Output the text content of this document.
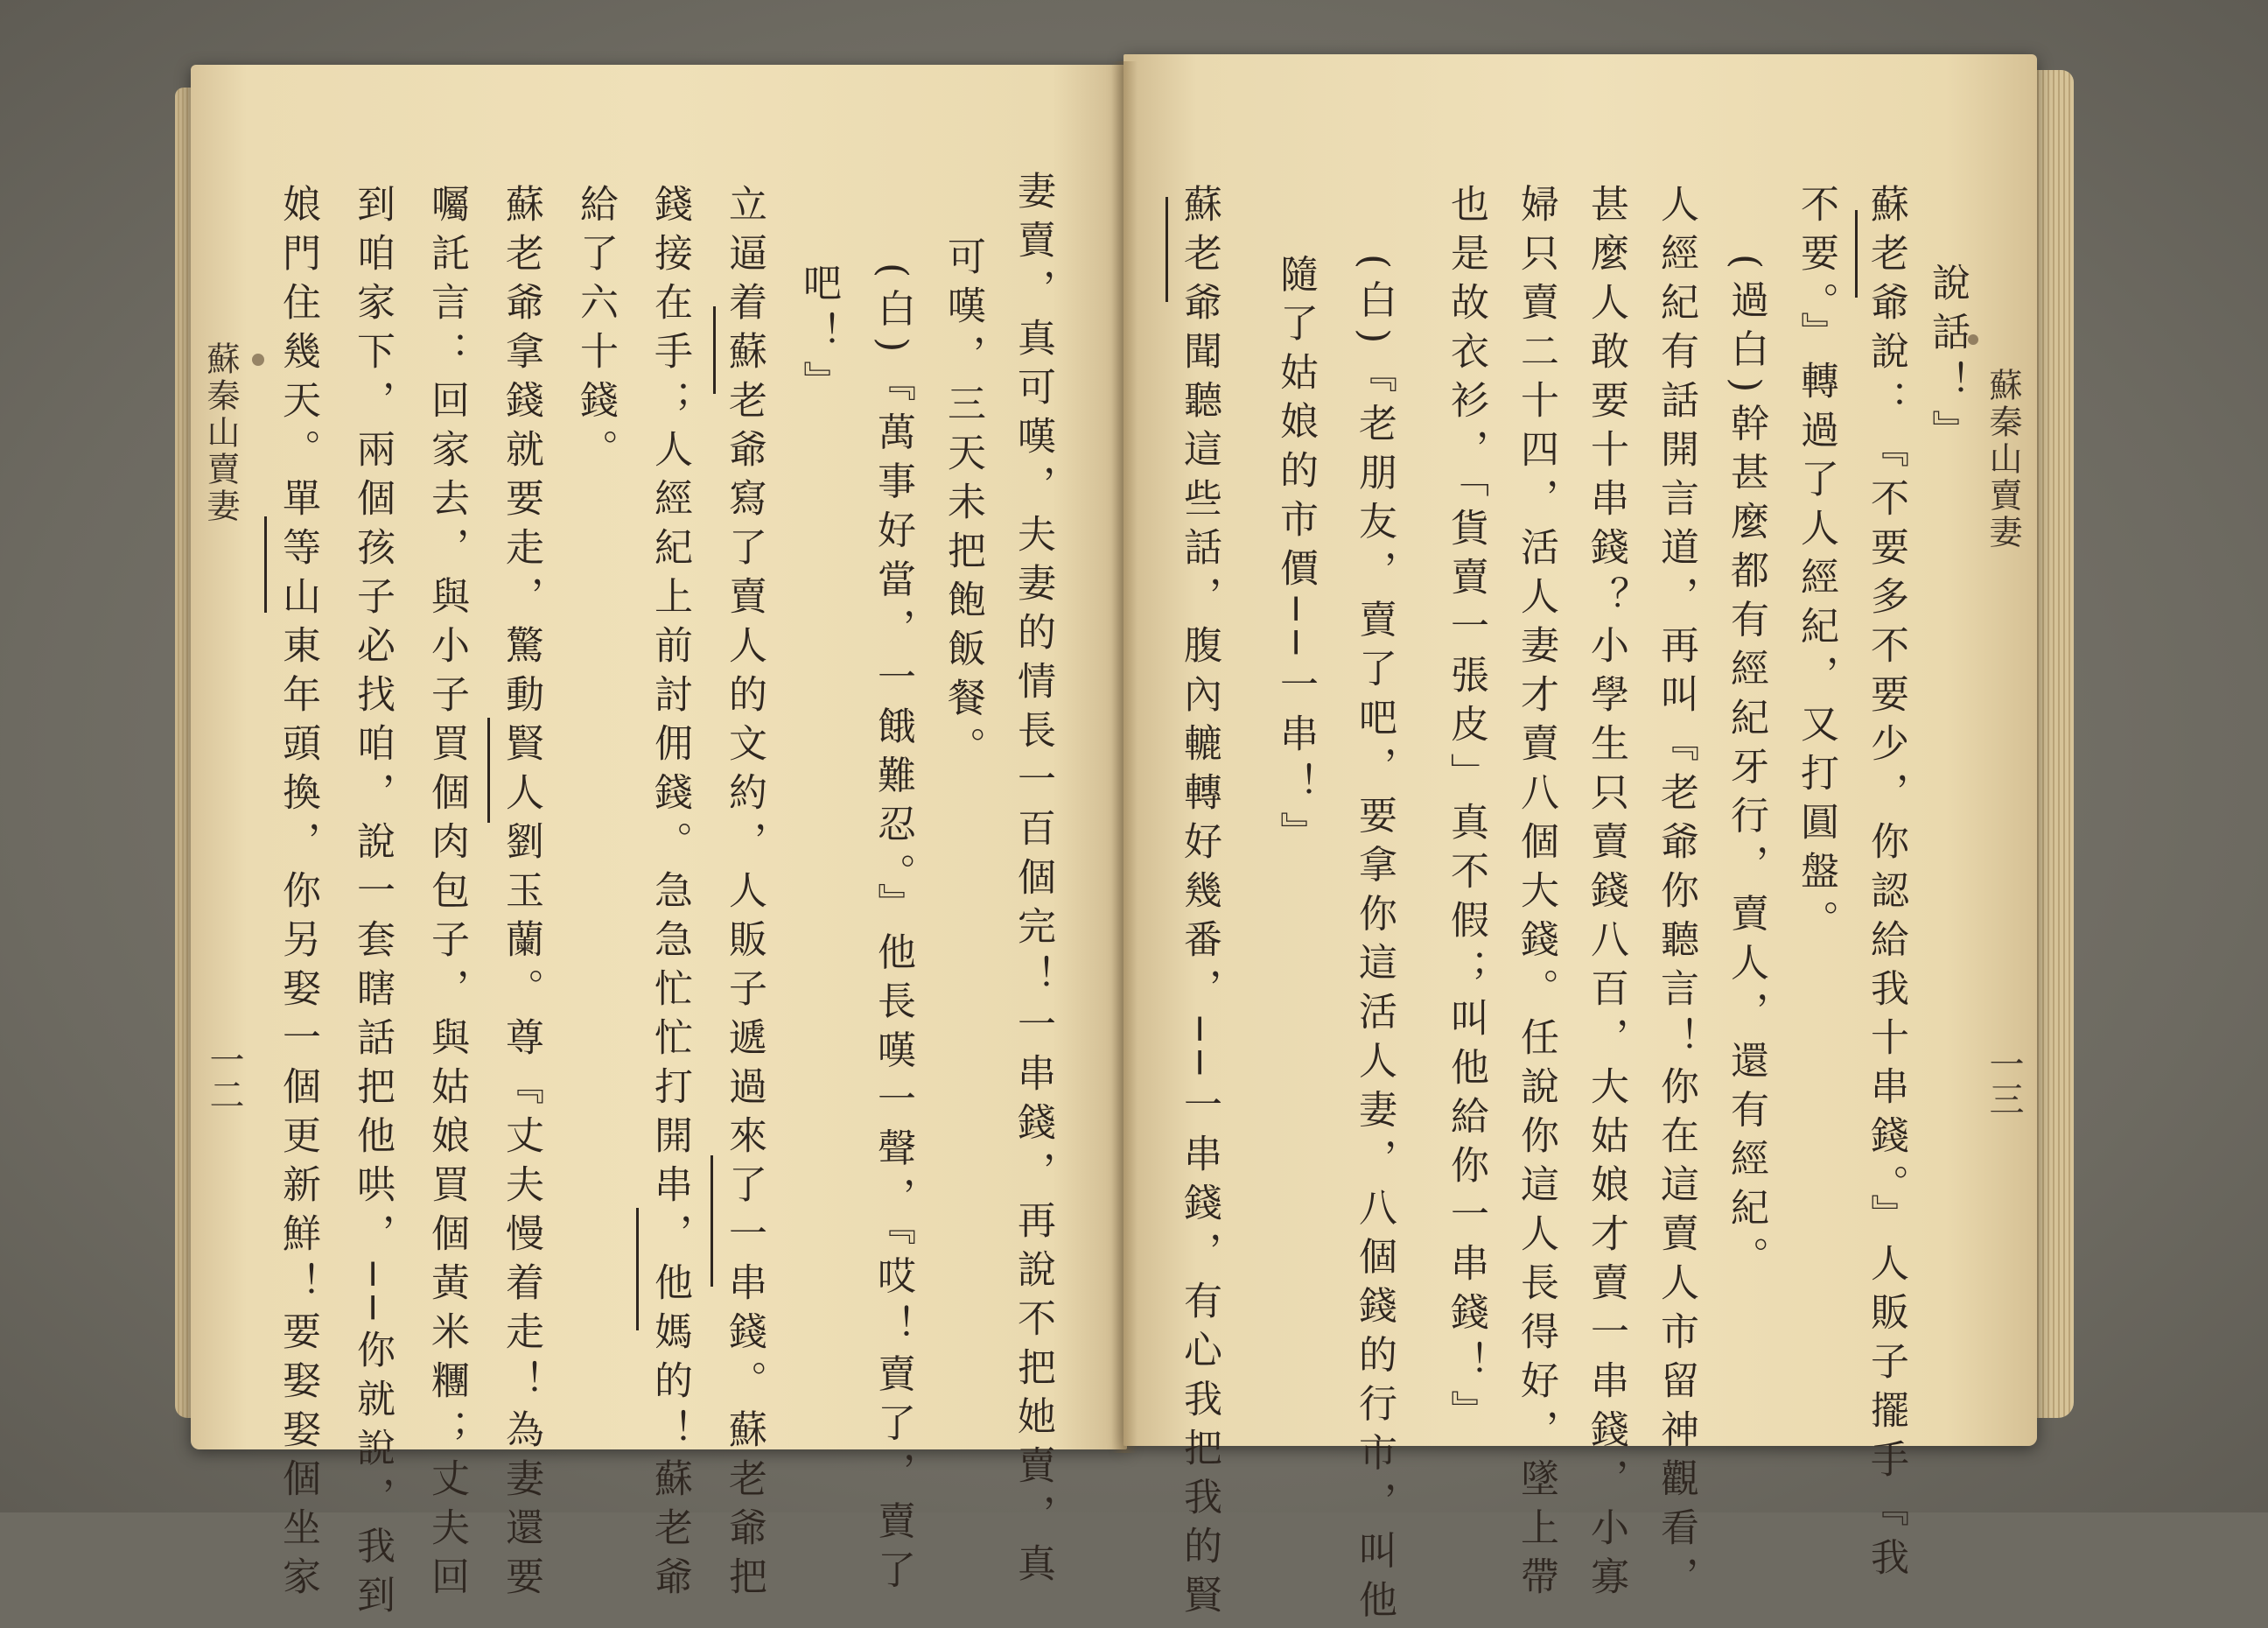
妻賣，真可嘆，夫妻的情長一百個完！一串錢，再說不把她賣，真
可嘆，三天未把飽飯餐。
(白)『萬事好當，一餓難忍。』他長嘆一聲，『哎！賣了，賣了
吧！』
立逼着蘇老爺寫了賣人的文約，人販子遞過來了一串錢。蘇老爺把
錢接在手；人經紀上前討佣錢。急急忙忙打開串，他媽的！蘇老爺
給了六十錢。
蘇老爺拿錢就要走，驚動賢人劉玉蘭。尊『丈夫慢着走！為妻還要
囑託言：回家去，與小子買個肉包子，與姑娘買個黃米糰；丈夫回
到咱家下，兩個孩子必找咱，說一套瞎話把他哄，──你就說，我到
娘門住幾天。單等山東年頭換，你另娶一個更新鮮！要娶娶個坐家
蘇秦山賣妻
一二
說話！』
蘇老爺說：『不要多不要少，你認給我十串錢。』人販子擺手『我
不要。』轉過了人經紀，又打圓盤。
(過白)幹甚麼都有經紀牙行，賣人，還有經紀。
人經紀有話開言道，再叫『老爺你聽言！你在這賣人市留神觀看，
甚麼人敢要十串錢？小學生只賣錢八百，大姑娘才賣一串錢，小寡
婦只賣二十四，活人妻才賣八個大錢。任說你這人長得好，墜上帶
也是故衣衫，「貨賣一張皮」真不假；叫他給你一串錢！』
(白)『老朋友，賣了吧，要拿你這活人妻，八個錢的行市，叫他
隨了姑娘的市價──一串！』
蘇老爺聞聽這些話，腹內轆轉好幾番，──一串錢，有心我把我的賢	蘇秦山賣妻
一三
